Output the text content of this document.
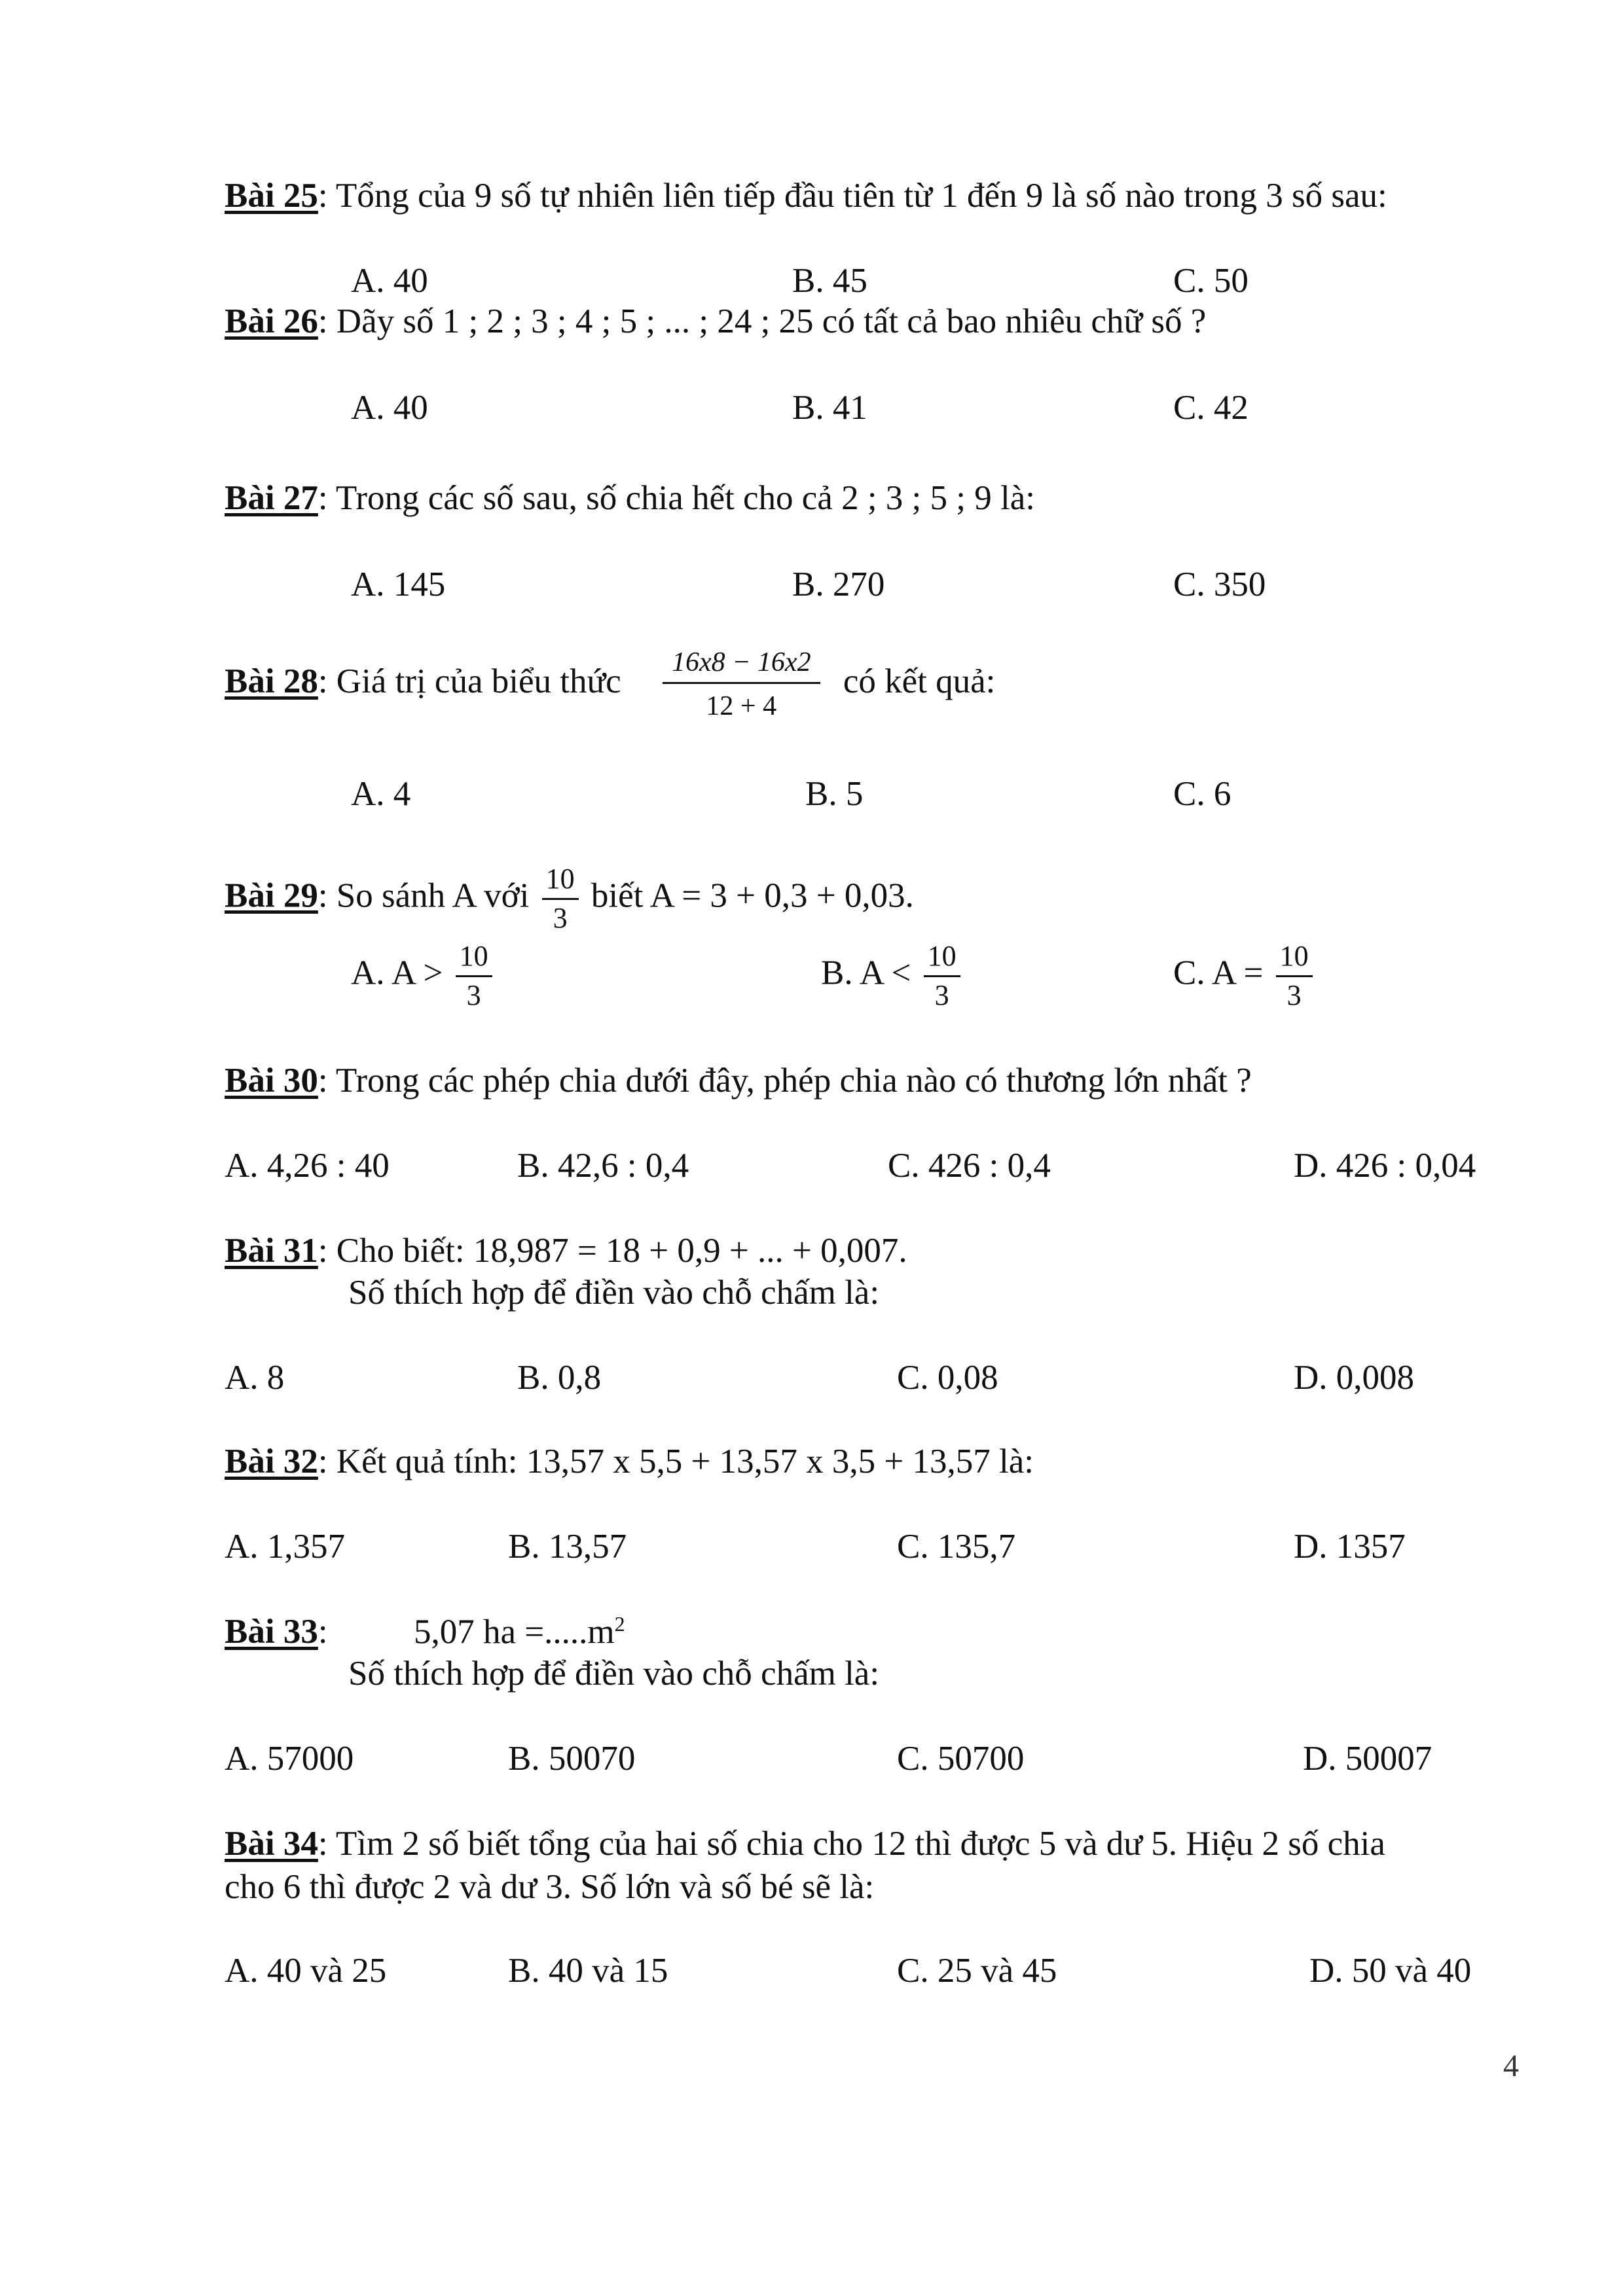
Bài 25: Tổng của 9 số tự nhiên liên tiếp đầu tiên từ 1 đến 9 là số nào trong 3 số sau:
A. 40	B. 45	C. 50
Bài 26: Dãy số 1 ; 2 ; 3 ; 4 ; 5 ; ... ; 24 ; 25 có tất cả bao nhiêu chữ số ?
A. 40	B. 41	C. 42
Bài 27: Trong các số sau, số chia hết cho cả 2 ; 3 ; 5 ; 9 là:
A. 145	B. 270	C. 350
Bài 28: Giá trị của biểu thức $\frac{16x8 - 16x2}{12 + 4}$ có kết quả:
A. 4	B. 5	C. 6
Bài 29: So sánh A với $\frac{10}{3}$ biết A = 3 + 0,3 + 0,03.
A. $A > \frac{10}{3}$	B. $A < \frac{10}{3}$	C. $A = \frac{10}{3}$
Bài 30: Trong các phép chia dưới đây, phép chia nào có thương lớn nhất ?
A. 4,26 : 40	B. 42,6 : 0,4	C. 426 : 0,4	D. 426 : 0,04
Bài 31: Cho biết: 18,987 = 18 + 0,9 + ... + 0,007.
Số thích hợp để điền vào chỗ chấm là:
A. 8	B. 0,8	C. 0,08	D. 0,008
Bài 32: Kết quả tính: 13,57 x 5,5 + 13,57 x 3,5 + 13,57 là:
A. 1,357	B. 13,57	C. 135,7	D. 1357
Bài 33: 5,07 ha $=.....m^2$
Số thích hợp để điền vào chỗ chấm là:
A. 57000	B. 50070	C. 50700	D. 50007
Bài 34: Tìm 2 số biết tổng của hai số chia cho 12 thì được 5 và dư 5. Hiệu 2 số chia
cho 6 thì được 2 và dư 3. Số lớn và số bé sẽ là:
A. 40 và 25	B. 40 và 15	C. 25 và 45	D. 50 và 40
4
